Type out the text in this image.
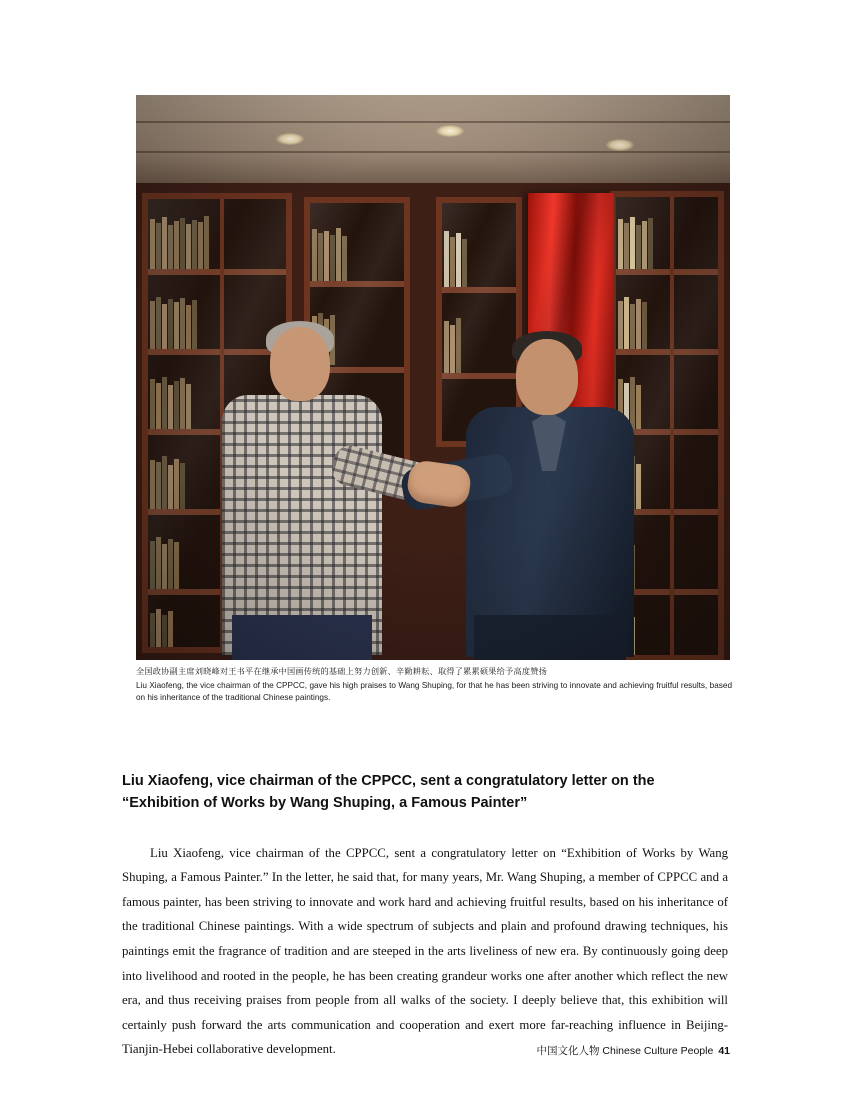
全国政协副主席刘晓峰对王书平在继承中国画传统的基础上努力创新、辛勤耕耘、取得了累累硕果给予高度赞扬
Liu Xiaofeng, the vice chairman of the CPPCC, gave his high praises to Wang Shuping, for that he has been striving to innovate and achieving fruitful results, based on his inheritance of the traditional Chinese paintings.
Liu Xiaofeng, vice chairman of the CPPCC, sent a congratulatory letter on the “Exhibition of Works by Wang Shuping, a Famous Painter”

Liu Xiaofeng, vice chairman of the CPPCC, sent a congratulatory letter on “Exhibition of Works by Wang Shuping, a Famous Painter.” In the letter, he said that, for many years, Mr. Wang Shuping, a member of CPPCC and a famous painter, has been striving to innovate and work hard and achieving fruitful results, based on his inheritance of the traditional Chinese paintings. With a wide spectrum of subjects and plain and profound drawing techniques, his paintings emit the fragrance of tradition and are steeped in the arts liveliness of new era. By continuously going deep into livelihood and rooted in the people, he has been creating grandeur works one after another which reflect the new era, and thus receiving praises from people from all walks of the society. I deeply believe that, this exhibition will certainly push forward the arts communication and cooperation and exert more far-reaching influence in Beijing-Tianjin-Hebei collaborative development.	中国文化人物 Chinese Culture People 41
